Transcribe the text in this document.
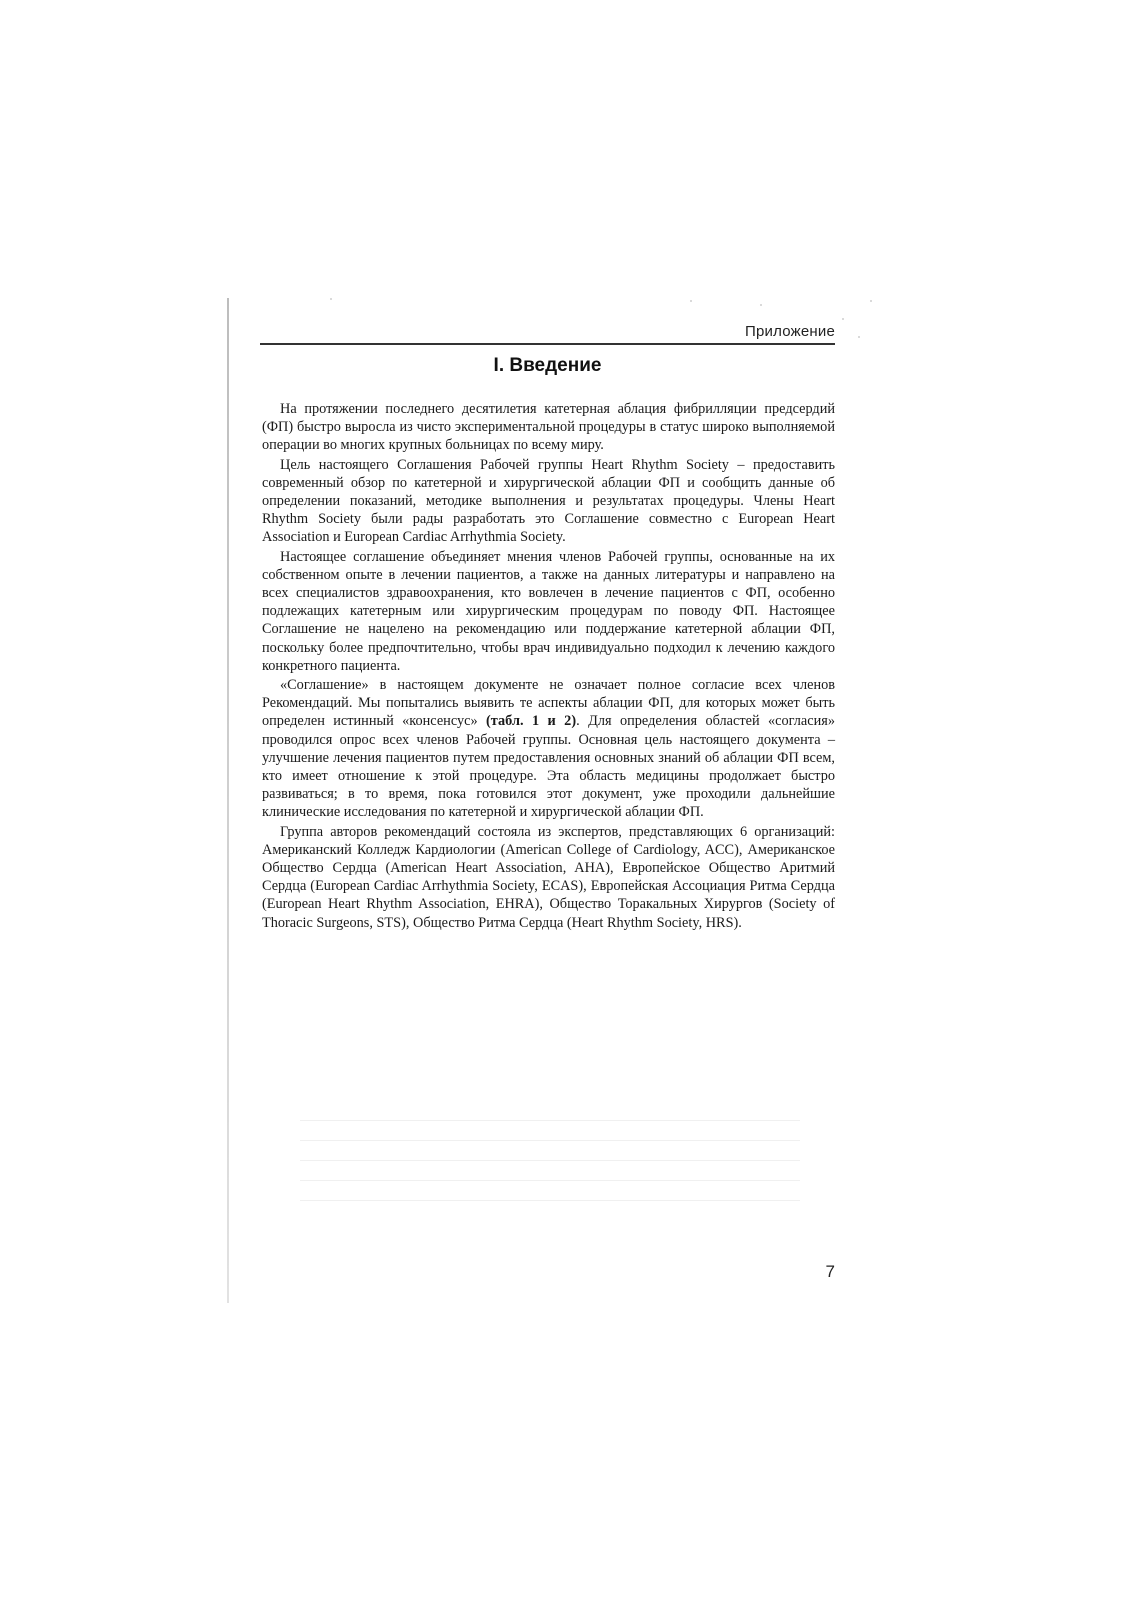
Приложение
I. Введение

На протяжении последнего десятилетия катетерная аблация фибрилляции предсердий (ФП) быстро выросла из чисто экспериментальной процедуры в статус широко выполняемой операции во многих крупных больницах по всему миру.

Цель настоящего Соглашения Рабочей группы Heart Rhythm Society – предоставить современный обзор по катетерной и хирургической аблации ФП и сообщить данные об определении показаний, методике выполнения и результатах процедуры. Члены Heart Rhythm Society были рады разработать это Соглашение совместно с European Heart Association и European Cardiac Arrhythmia Society.

Настоящее соглашение объединяет мнения членов Рабочей группы, основанные на их собственном опыте в лечении пациентов, а также на данных литературы и направлено на всех специалистов здравоохранения, кто вовлечен в лечение пациентов с ФП, особенно подлежащих катетерным или хирургическим процедурам по поводу ФП. Настоящее Соглашение не нацелено на рекомендацию или поддержание катетерной аблации ФП, поскольку более предпочтительно, чтобы врач индивидуально подходил к лечению каждого конкретного пациента.

«Соглашение» в настоящем документе не означает полное согласие всех членов Рекомендаций. Мы попытались выявить те аспекты аблации ФП, для которых может быть определен истинный «консенсус» (табл. 1 и 2). Для определения областей «согласия» проводился опрос всех членов Рабочей группы. Основная цель настоящего документа – улучшение лечения пациентов путем предоставления основных знаний об аблации ФП всем, кто имеет отношение к этой процедуре. Эта область медицины продолжает быстро развиваться; в то время, пока готовился этот документ, уже проходили дальнейшие клинические исследования по катетерной и хирургической аблации ФП.

Группа авторов рекомендаций состояла из экспертов, представляющих 6 организаций: Американский Колледж Кардиологии (American College of Cardiology, ACC), Американское Общество Сердца (American Heart Association, AHA), Европейское Общество Аритмий Сердца (European Cardiac Arrhythmia Society, ECAS), Европейская Ассоциация Ритма Сердца (European Heart Rhythm Association, EHRA), Общество Торакальных Хирургов (Society of Thoracic Surgeons, STS), Общество Ритма Сердца (Heart Rhythm Society, HRS).

7
